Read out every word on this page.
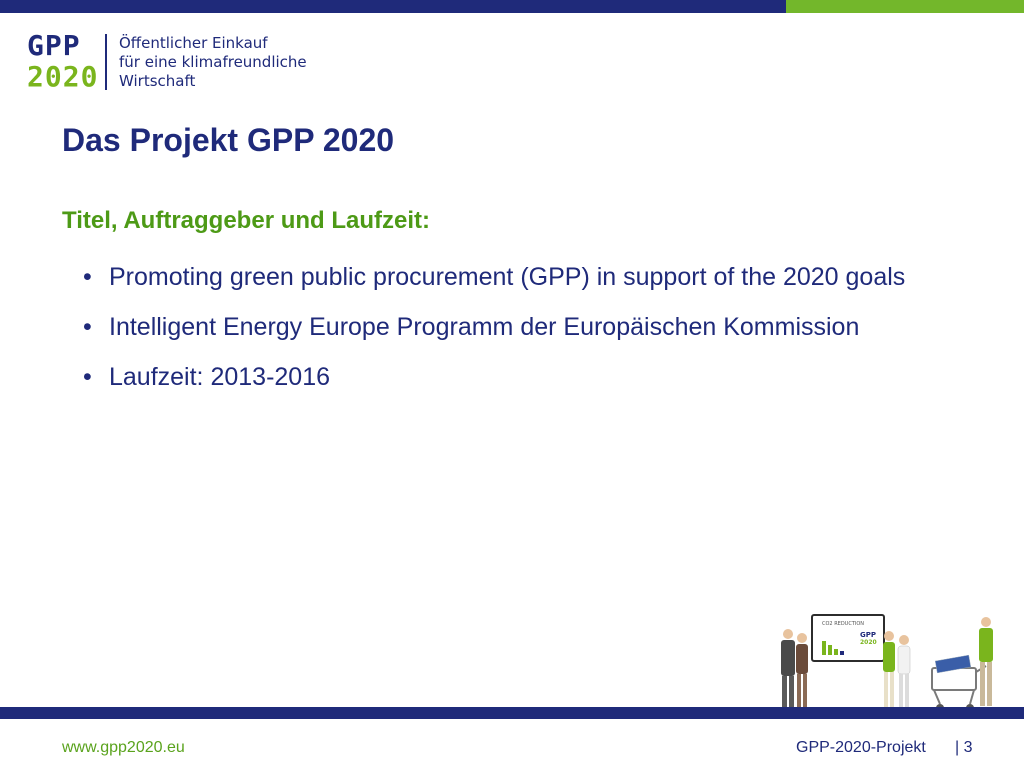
GPP
2020
Öffentlicher Einkauf
für eine klimafreundliche
Wirtschaft
Das Projekt GPP 2020
Titel, Auftraggeber und Laufzeit:
• Promoting green public procurement (GPP) in support of the 2020 goals
• Intelligent Energy Europe Programm der Europäischen Kommission
• Laufzeit: 2013-2016
CO2 REDUCTION
GPP
2020
www.gpp2020.eu	GPP-2020-Projekt | 3
